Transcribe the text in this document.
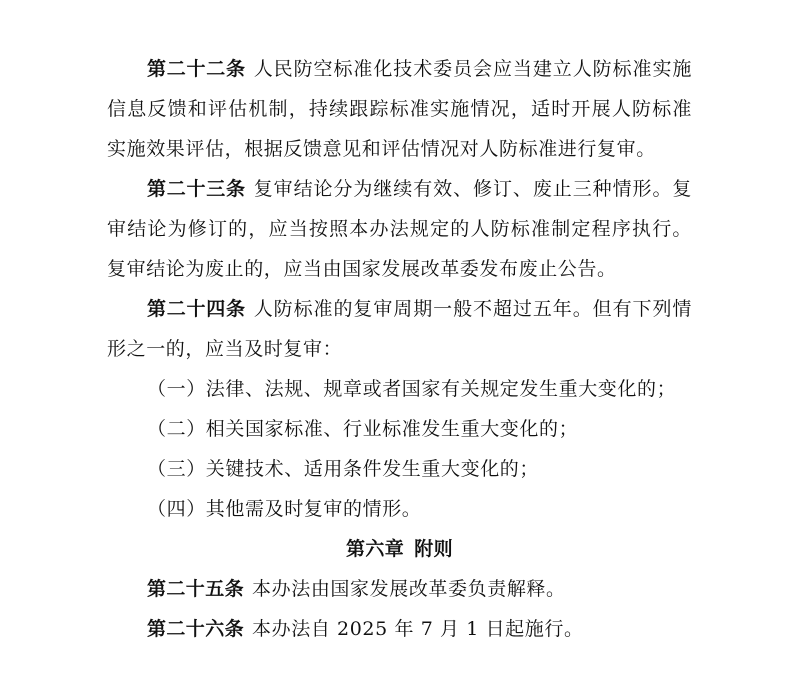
第二十二条 人民防空标准化技术委员会应当建立人防标准实施信息反馈和评估机制，持续跟踪标准实施情况，适时开展人防标准实施效果评估，根据反馈意见和评估情况对人防标准进行复审。

第二十三条 复审结论分为继续有效、修订、废止三种情形。复审结论为修订的，应当按照本办法规定的人防标准制定程序执行。复审结论为废止的，应当由国家发展改革委发布废止公告。

第二十四条 人防标准的复审周期一般不超过五年。但有下列情形之一的，应当及时复审：

（一）法律、法规、规章或者国家有关规定发生重大变化的；

（二）相关国家标准、行业标准发生重大变化的；

（三）关键技术、适用条件发生重大变化的；

（四）其他需及时复审的情形。

第六章 附则

第二十五条 本办法由国家发展改革委负责解释。

第二十六条 本办法自 2025 年 7 月 1 日起施行。
